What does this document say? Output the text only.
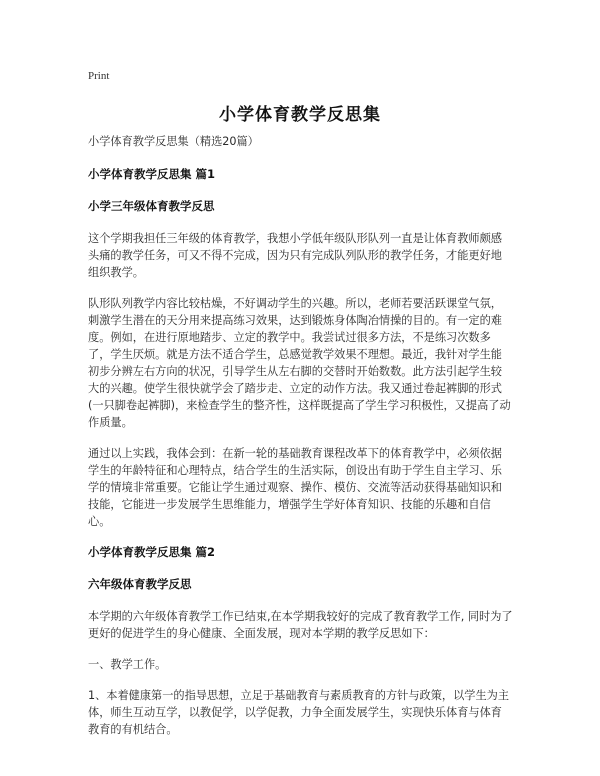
Print
小学体育教学反思集

小学体育教学反思集（精选20篇）

小学体育教学反思集 篇1

小学三年级体育教学反思

这个学期我担任三年级的体育教学，我想小学低年级队形队列一直是让体育教师颇感头痛的教学任务，可又不得不完成，因为只有完成队列队形的教学任务，才能更好地组织教学。

队形队列教学内容比较枯燥，不好调动学生的兴趣。所以，老师若要活跃课堂气氛，刺激学生潜在的天分用来提高练习效果，达到锻炼身体陶冶情操的目的。有一定的难度。例如，在进行原地踏步、立定的教学中。我尝试过很多方法，不是练习次数多了，学生厌烦。就是方法不适合学生，总感觉教学效果不理想。最近，我针对学生能初步分辨左右方向的状况，引导学生从左右脚的交替时开始数数。此方法引起学生较大的兴趣。使学生很快就学会了踏步走、立定的动作方法。我又通过卷起裤脚的形式(一只脚卷起裤脚)，来检查学生的整齐性，这样既提高了学生学习积极性，又提高了动作质量。

通过以上实践，我体会到：在新一轮的基础教育课程改革下的体育教学中，必须依据学生的年龄特征和心理特点，结合学生的生活实际，创设出有助于学生自主学习、乐学的情境非常重要。它能让学生通过观察、操作、模仿、交流等活动获得基础知识和技能，它能进一步发展学生思维能力，增强学生学好体育知识、技能的乐趣和自信心。

小学体育教学反思集 篇2

六年级体育教学反思

本学期的六年级体育教学工作已结束,在本学期我较好的完成了教育教学工作, 同时为了更好的促进学生的身心健康、全面发展，现对本学期的教学反思如下：

一、教学工作。

1、本着健康第一的指导思想，立足于基础教育与素质教育的方针与政策，以学生为主体，师生互动互学，以教促学，以学促教，力争全面发展学生，实现快乐体育与体育教育的有机结合。
